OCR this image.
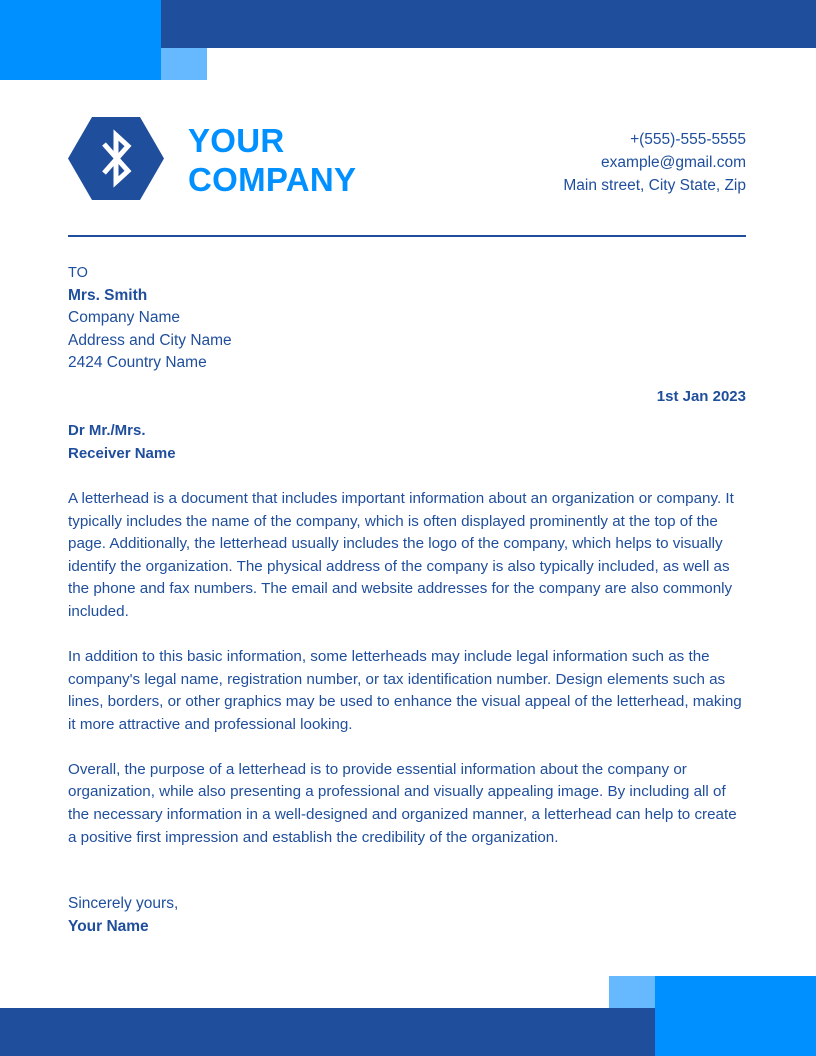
YOUR
COMPANY
+(555)-555-5555
example@gmail.com
Main street, City State, Zip
TO
Mrs. Smith
Company Name
Address and City Name
2424 Country Name
1st Jan 2023
Dr Mr./Mrs.
Receiver Name

A letterhead is a document that includes important information about an organization or company. It typically includes the name of the company, which is often displayed prominently at the top of the page. Additionally, the letterhead usually includes the logo of the company, which helps to visually identify the organization. The physical address of the company is also typically included, as well as the phone and fax numbers. The email and website addresses for the company are also commonly included.

In addition to this basic information, some letterheads may include legal information such as the company's legal name, registration number, or tax identification number. Design elements such as lines, borders, or other graphics may be used to enhance the visual appeal of the letterhead, making it more attractive and professional looking.

Overall, the purpose of a letterhead is to provide essential information about the company or organization, while also presenting a professional and visually appealing image. By including all of the necessary information in a well-designed and organized manner, a letterhead can help to create a positive first impression and establish the credibility of the organization.

Sincerely yours,
Your Name
